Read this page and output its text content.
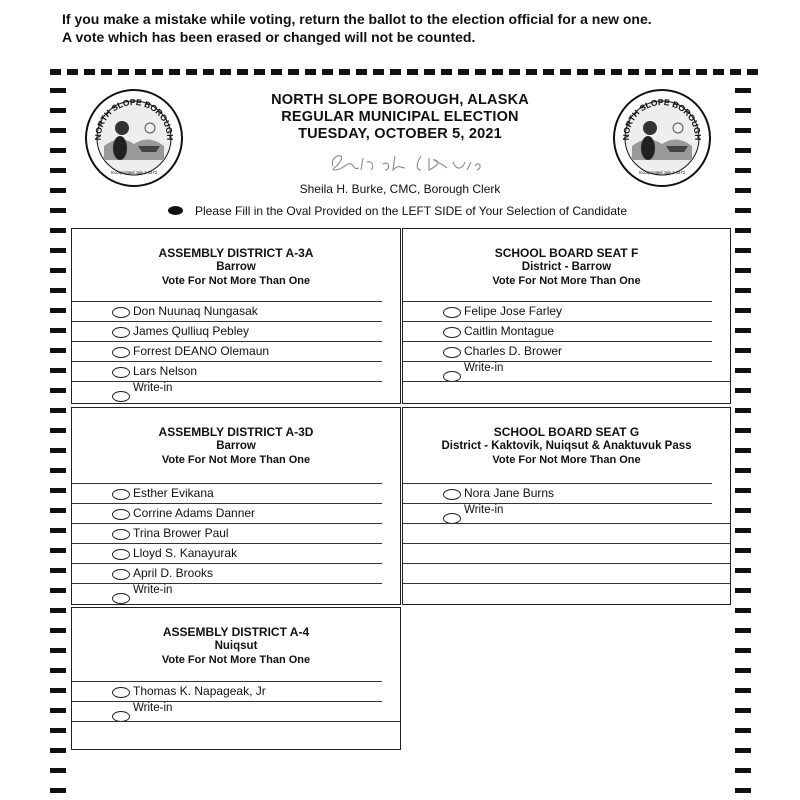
If you make a mistake while voting, return the ballot to the election official for a new one.
A vote which has been erased or changed will not be counted.
NORTH SLOPE BOROUGH
Incorporated July 2 1972
NORTH SLOPE BOROUGH
Incorporated July 2 1972
NORTH SLOPE BOROUGH, ALASKA
REGULAR MUNICIPAL ELECTION
TUESDAY, OCTOBER 5, 2021
Sheila H. Burke, CMC, Borough Clerk
Please Fill in the Oval Provided on the LEFT SIDE of Your Selection of Candidate
ASSEMBLY DISTRICT A-3A
Barrow
Vote For Not More Than One
Don Nuunaq Nungasak
James Qulliuq Pebley
Forrest DEANO Olemaun
Lars Nelson
Write-in
SCHOOL BOARD SEAT F
District - Barrow
Vote For Not More Than One
Felipe Jose Farley
Caitlin Montague
Charles D. Brower
Write-in
ASSEMBLY DISTRICT A-3D
Barrow
Vote For Not More Than One
Esther Evikana
Corrine Adams Danner
Trina Brower Paul
Lloyd S. Kanayurak
April D. Brooks
Write-in
SCHOOL BOARD SEAT G
District - Kaktovik, Nuiqsut & Anaktuvuk Pass
Vote For Not More Than One
Nora Jane Burns
Write-in
ASSEMBLY DISTRICT A-4
Nuiqsut
Vote For Not More Than One
Thomas K. Napageak, Jr
Write-in
